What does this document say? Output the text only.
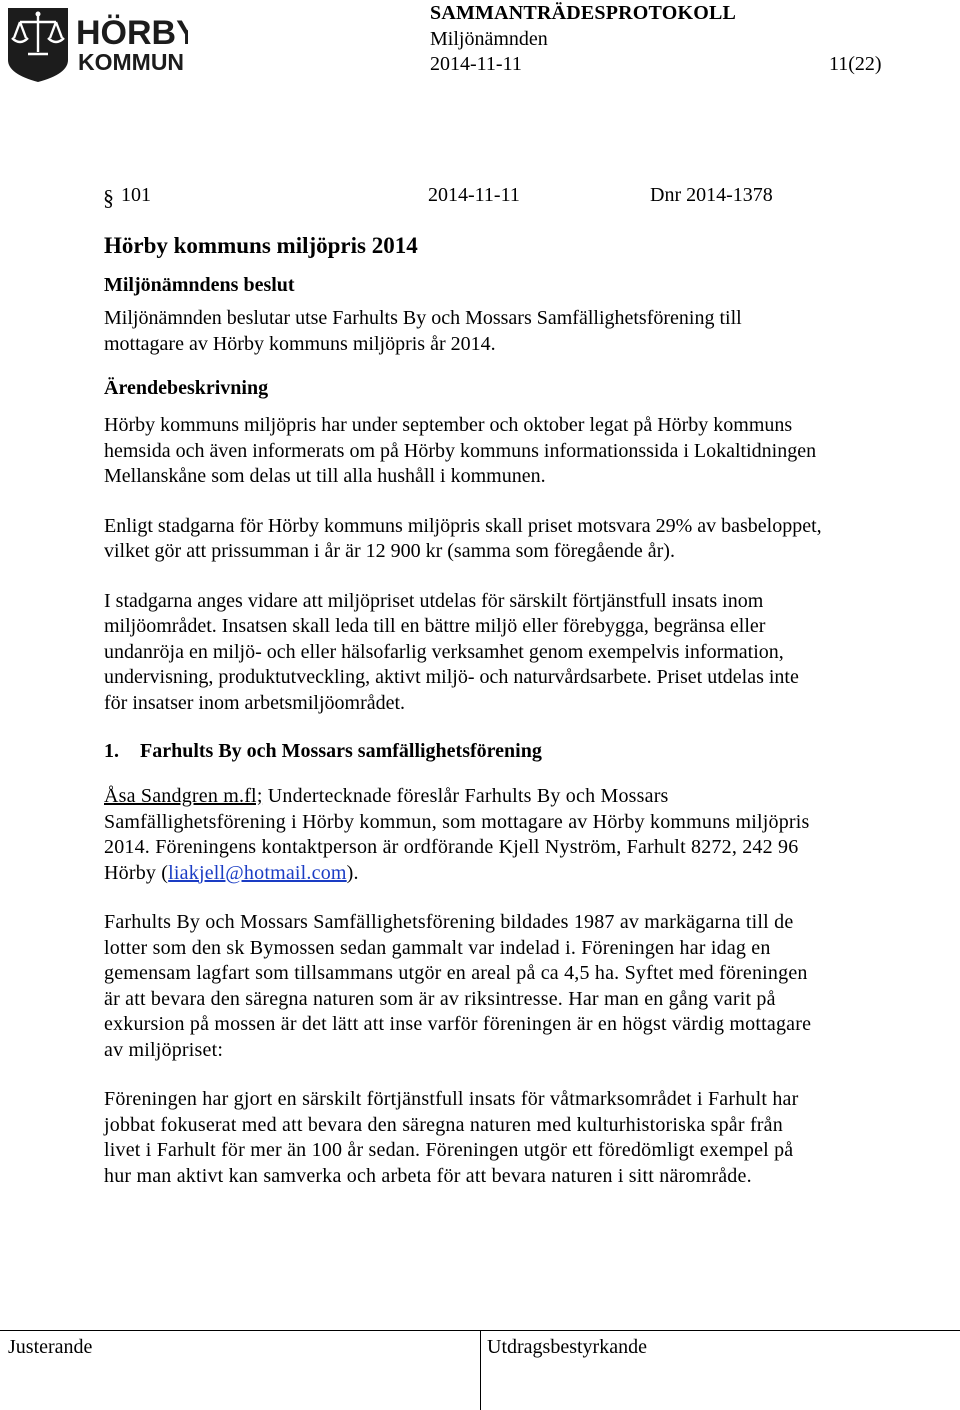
HÖRBY
KOMMUN
SAMMANTRÄDESPROTOKOLL
Miljönämnden
2014-11-11	11(22)
§ 101	2014-11-11	Dnr 2014-1378
Hörby kommuns miljöpris 2014
Miljönämndens beslut
Miljönämnden beslutar utse Farhults By och Mossars Samfällighetsförening till mottagare av Hörby kommuns miljöpris år 2014.
Ärendebeskrivning

Hörby kommuns miljöpris har under september och oktober legat på Hörby kommuns hemsida och även informerats om på Hörby kommuns informationssida i Lokaltidningen Mellanskåne som delas ut till alla hushåll i kommunen.

Enligt stadgarna för Hörby kommuns miljöpris skall priset motsvara 29% av basbeloppet, vilket gör att prissumman i år är 12 900 kr (samma som föregående år).

I stadgarna anges vidare att miljöpriset utdelas för särskilt förtjänstfull insats inom miljöområdet. Insatsen skall leda till en bättre miljö eller förebygga, begränsa eller undanröja en miljö- och eller hälsofarlig verksamhet genom exempelvis information, undervisning, produktutveckling, aktivt miljö- och naturvårdsarbete. Priset utdelas inte för insatser inom arbetsmiljöområdet.

1. Farhults By och Mossars samfällighetsförening

Åsa Sandgren m.fl; Undertecknade föreslår Farhults By och Mossars Samfällighetsförening i Hörby kommun, som mottagare av Hörby kommuns miljöpris 2014. Föreningens kontaktperson är ordförande Kjell Nyström, Farhult 8272, 242 96 Hörby (liakjell@hotmail.com).

Farhults By och Mossars Samfällighetsförening bildades 1987 av markägarna till de lotter som den sk Bymossen sedan gammalt var indelad i. Föreningen har idag en gemensam lagfart som tillsammans utgör en areal på ca 4,5 ha. Syftet med föreningen är att bevara den säregna naturen som är av riksintresse. Har man en gång varit på exkursion på mossen är det lätt att inse varför föreningen är en högst värdig mottagare av miljöpriset:

Föreningen har gjort en särskilt förtjänstfull insats för våtmarksområdet i Farhult har jobbat fokuserat med att bevara den säregna naturen med kulturhistoriska spår från livet i Farhult för mer än 100 år sedan. Föreningen utgör ett föredömligt exempel på hur man aktivt kan samverka och arbeta för att bevara naturen i sitt närområde.

Justerande	Utdragsbestyrkande
